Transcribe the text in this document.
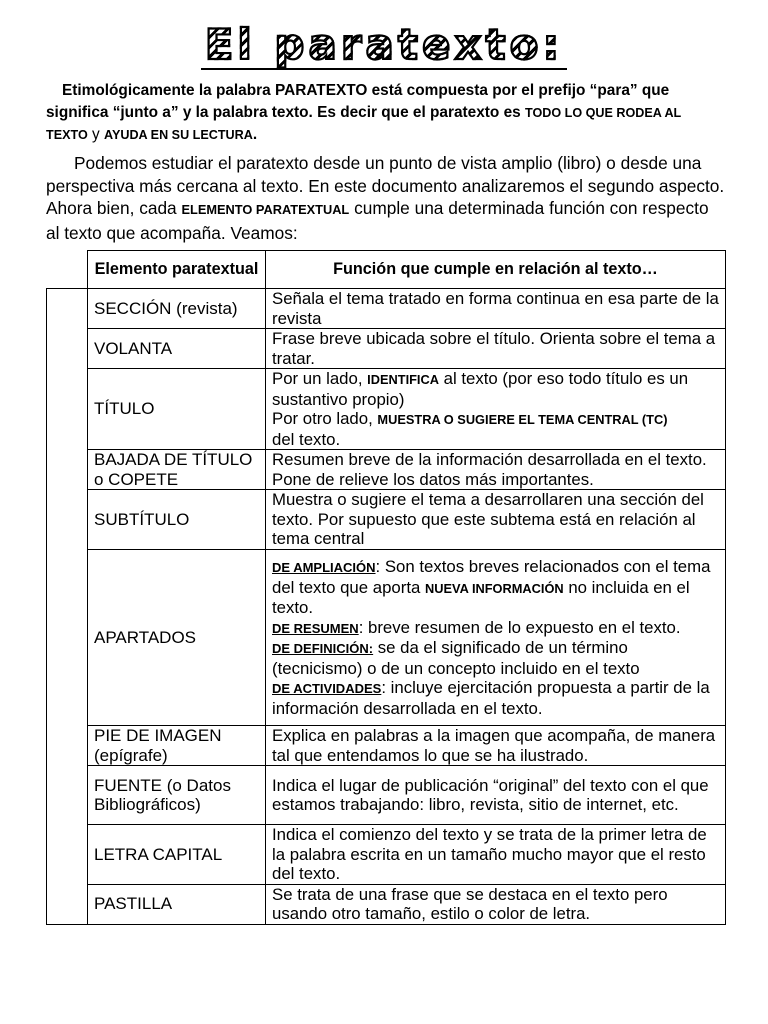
El paratexto:
Etimológicamente la palabra PARATEXTO está compuesta por el prefijo “para” que significa “junto a” y la palabra texto. Es decir que el paratexto es TODO LO QUE RODEA AL TEXTO y AYUDA EN SU LECTURA.
Podemos estudiar el paratexto desde un punto de vista amplio (libro) o desde una perspectiva más cercana al texto. En este documento analizaremos el segundo aspecto. Ahora bien, cada ELEMENTO PARATEXTUAL cumple una determinada función con respecto al texto que acompaña. Veamos:
	Elemento paratextual	Función que cumple en relación al texto…
	SECCIÓN (revista)	Señala el tema tratado en forma continua en esa parte de la revista
	VOLANTA	Frase breve ubicada sobre el título. Orienta sobre el tema a tratar.
	TÍTULO	Por un lado, IDENTIFICA al texto (por eso todo título es un sustantivo propio)
Por otro lado, MUESTRA O SUGIERE EL TEMA CENTRAL (TC)
del texto.
	BAJADA DE TÍTULO o COPETE	Resumen breve de la información desarrollada en el texto. Pone de relieve los datos más importantes.
	SUBTÍTULO	Muestra o sugiere el tema a desarrollaren una sección del texto. Por supuesto que este subtema está en relación al tema central
	APARTADOS	DE AMPLIACIÓN: Son textos breves relacionados con el tema del texto que aporta NUEVA INFORMACIÓN no incluida en el texto.
DE RESUMEN: breve resumen de lo expuesto en el texto.
DE DEFINICIÓN: se da el significado de un término (tecnicismo) o de un concepto incluido en el texto
DE ACTIVIDADES: incluye ejercitación propuesta a partir de la información desarrollada en el texto.
	PIE DE IMAGEN (epígrafe)	Explica en palabras a la imagen que acompaña, de manera tal que entendamos lo que se ha ilustrado.
	FUENTE (o Datos Bibliográficos)	Indica el lugar de publicación “original” del texto con el que estamos trabajando: libro, revista, sitio de internet, etc.
	LETRA CAPITAL	Indica el comienzo del texto y se trata de la primer letra de la palabra escrita en un tamaño mucho mayor que el resto del texto.
	PASTILLA	Se trata de una frase que se destaca en el texto pero usando otro tamaño, estilo o color de letra.
